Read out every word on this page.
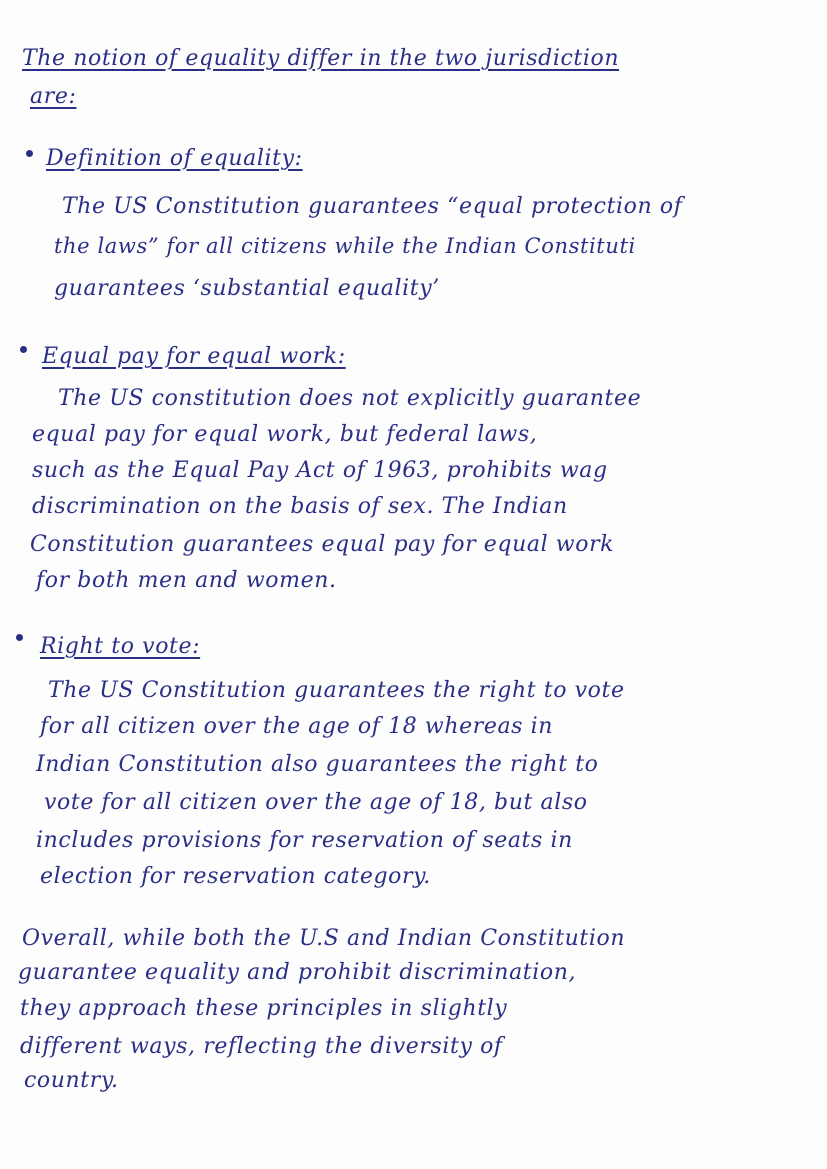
The notion of equality differ in the two jurisdiction
are:
Definition of equality:
The US Constitution guarantees “equal protection of
the laws” for all citizens while the Indian Constituti
guarantees ‘substantial equality’
Equal pay for equal work:
The US constitution does not explicitly guarantee
equal pay for equal work, but federal laws,
such as the Equal Pay Act of 1963, prohibits wag
discrimination on the basis of sex. The Indian
Constitution guarantees equal pay for equal work
for both men and women.
Right to vote:
The US Constitution guarantees the right to vote
for all citizen over the age of 18 whereas in
Indian Constitution also guarantees the right to
vote for all citizen over the age of 18, but also
includes provisions for reservation of seats in
election for reservation category.
Overall, while both the U.S and Indian Constitution
guarantee equality and prohibit discrimination,
they approach these principles in slightly
different ways, reflecting the diversity of
country.
